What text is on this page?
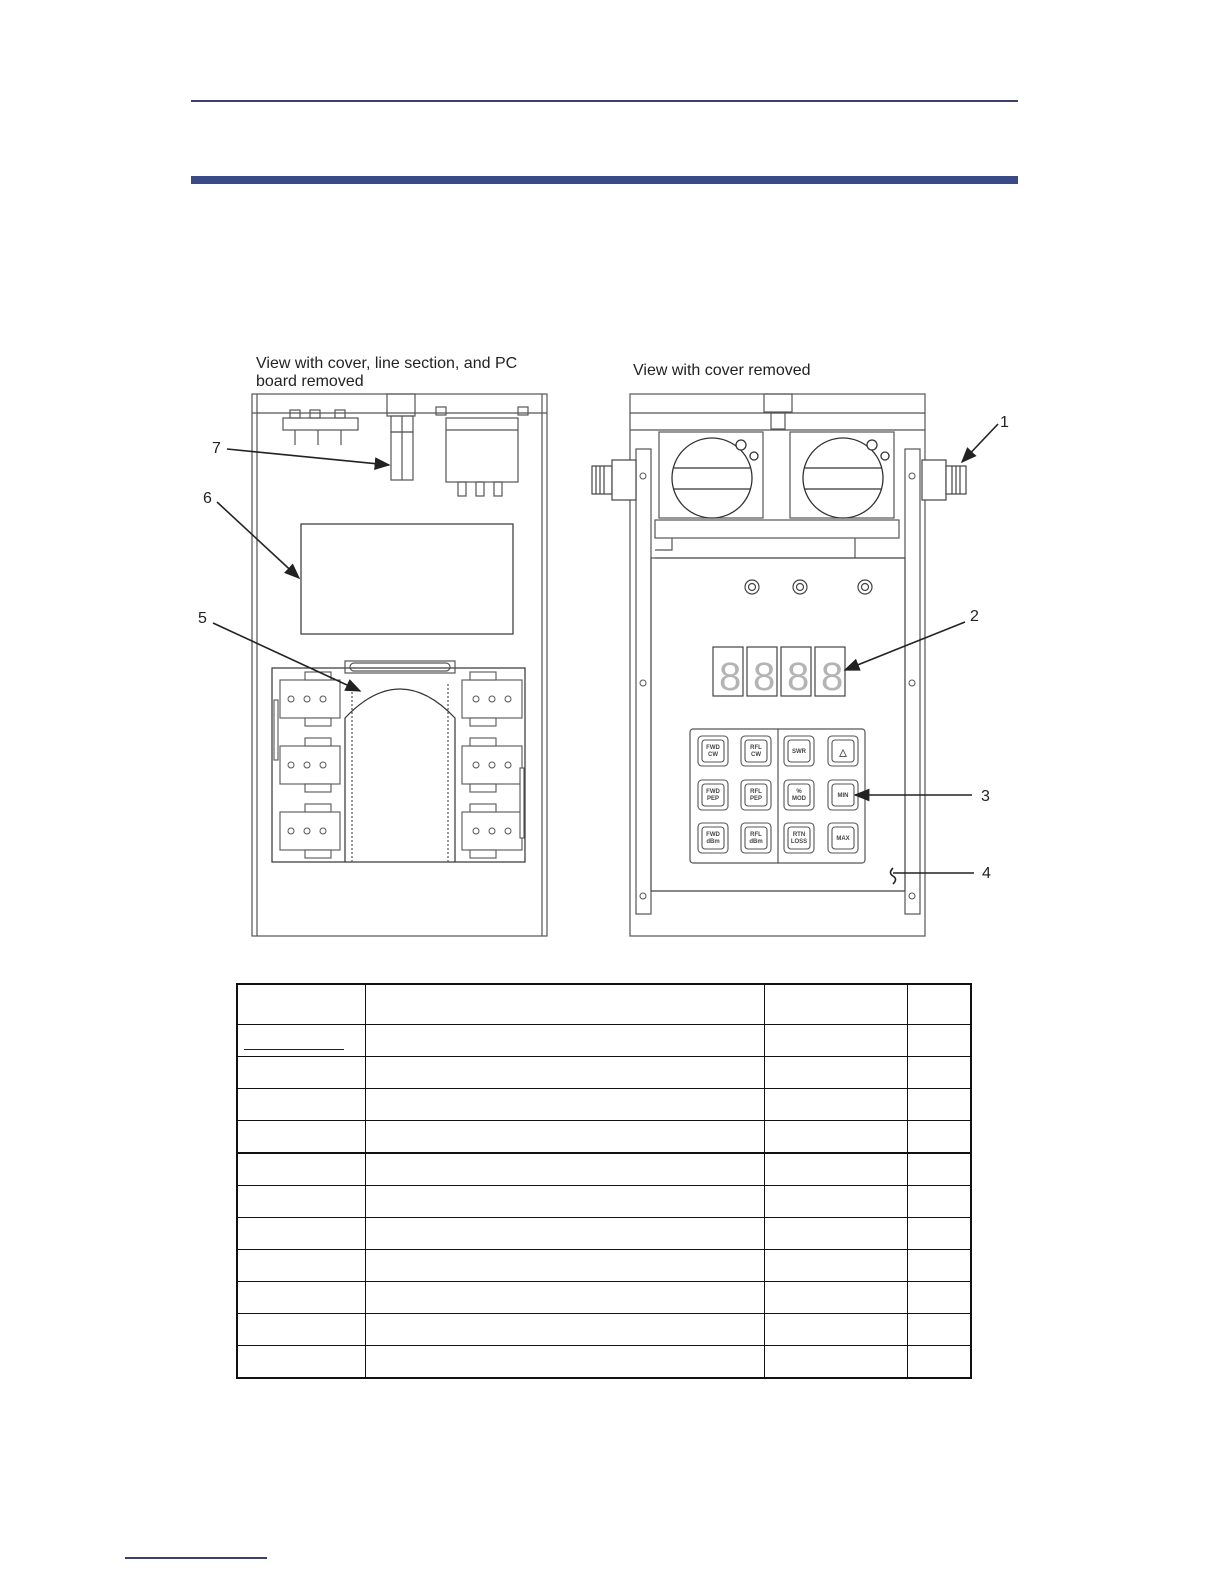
View with cover, line section, and PC board removed
View with cover removed
7
6
5
8 8 8 8
FWD
CW
RFL
CW	SWR ▵
FWD
PEP
RFL
PEP
%
MOD	MIN
FWD
dBm
RFL
dBm
RTN
LOSS	MAX
1
2
3
4
